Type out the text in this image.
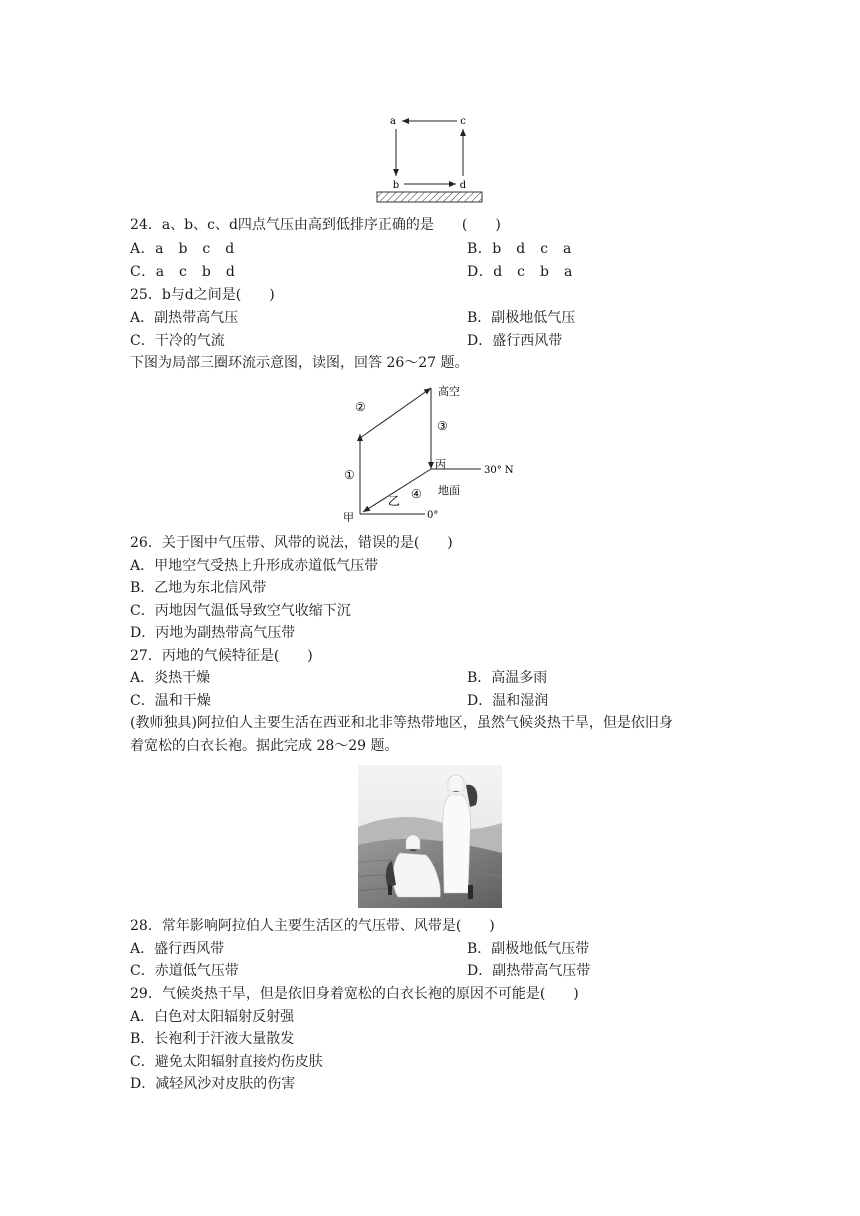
a	c
b	d
24．a、b、c、d四点气压由高到低排序正确的是　　(　　)
A．a　b　c　d	B．b　d　c　a
C．a　c　b　d	D．d　c　b　a
25．b与d之间是(　　)
A．副热带高气压	B．副极地低气压
C．干冷的气流	D．盛行西风带
下图为局部三圈环流示意图，读图，回答 26～27 题。
高空
②
③
①
丙	30° N
地面
④
乙
甲	0°
26．关于图中气压带、风带的说法，错误的是(　　)
A．甲地空气受热上升形成赤道低气压带
B．乙地为东北信风带
C．丙地因气温低导致空气收缩下沉
D．丙地为副热带高气压带
27．丙地的气候特征是(　　)
A．炎热干燥	B．高温多雨
C．温和干燥	D．温和湿润
(教师独具)阿拉伯人主要生活在西亚和北非等热带地区，虽然气候炎热干旱，但是依旧身
着宽松的白衣长袍。据此完成 28～29 题。
28．常年影响阿拉伯人主要生活区的气压带、风带是(　　)
A．盛行西风带	B．副极地低气压带
C．赤道低气压带	D．副热带高气压带
29．气候炎热干旱，但是依旧身着宽松的白衣长袍的原因不可能是(　　)
A．白色对太阳辐射反射强
B．长袍利于汗液大量散发
C．避免太阳辐射直接灼伤皮肤
D．减轻风沙对皮肤的伤害
